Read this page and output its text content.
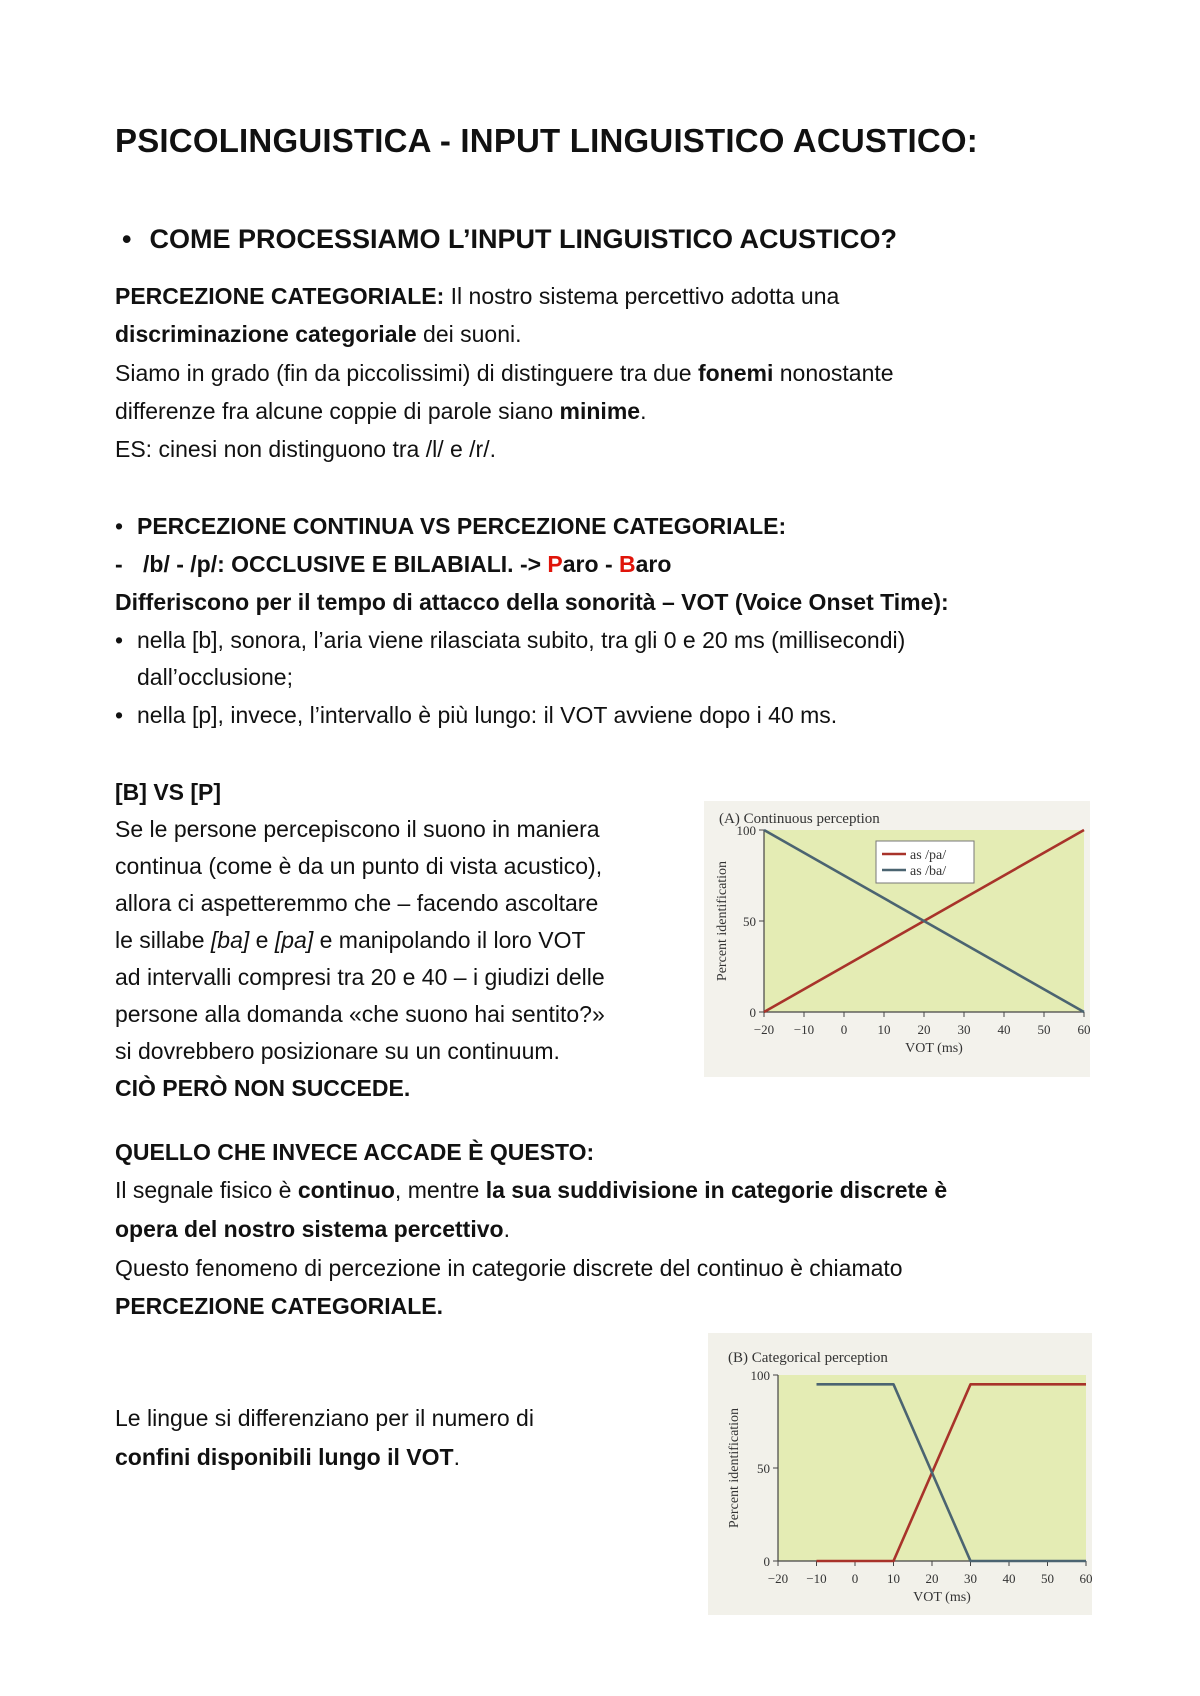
PSICOLINGUISTICA - INPUT LINGUISTICO ACUSTICO:
• COME PROCESSIAMO L’INPUT LINGUISTICO ACUSTICO?
PERCEZIONE CATEGORIALE: Il nostro sistema percettivo adotta una
discriminazione categoriale dei suoni.
Siamo in grado (fin da piccolissimi) di distinguere tra due fonemi nonostante
differenze fra alcune coppie di parole siano minime.
ES: cinesi non distinguono tra /l/ e /r/.
• PERCEZIONE CONTINUA VS PERCEZIONE CATEGORIALE:
- /b/ - /p/: OCCLUSIVE E BILABIALI. -> Paro - Baro
Differiscono per il tempo di attacco della sonorità – VOT (Voice Onset Time):
• nella [b], sonora, l’aria viene rilasciata subito, tra gli 0 e 20 ms (millisecondi)
dall’occlusione;
• nella [p], invece, l’intervallo è più lungo: il VOT avviene dopo i 40 ms.
[B] VS [P]
Se le persone percepiscono il suono in maniera
continua (come è da un punto di vista acustico),
allora ci aspetteremmo che – facendo ascoltare
le sillabe [ba] e [pa] e manipolando il loro VOT
ad intervalli compresi tra 20 e 40 – i giudizi delle
persone alla domanda «che suono hai sentito?»
si dovrebbero posizionare su un continuum.
CIÒ PERÒ NON SUCCEDE.
(A) Continuous perception
0
50
100
−20 −10 0 10 20 30 40 50 60
VOT (ms)
Percent identification
as /pa/
as /ba/
QUELLO CHE INVECE ACCADE È QUESTO:
Il segnale fisico è continuo, mentre la sua suddivisione in categorie discrete è
opera del nostro sistema percettivo.
Questo fenomeno di percezione in categorie discrete del continuo è chiamato
PERCEZIONE CATEGORIALE.
Le lingue si differenziano per il numero di
confini disponibili lungo il VOT.
(B) Categorical perception
0
50
100
−20 −10 0 10 20 30 40 50 60
VOT (ms)
Percent identification
